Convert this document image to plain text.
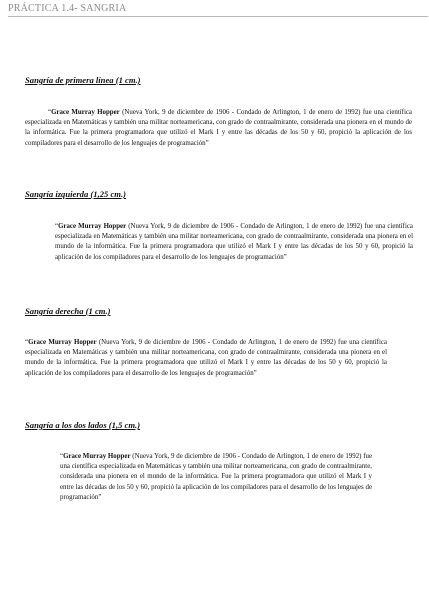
PRÁCTICA 1.4- SANGRIA
Sangría de primera línea (1 cm.)

“Grace Murray Hopper (Nueva York, 9 de diciembre de 1906 - Condado de Arlington, 1 de enero de 1992) fue una científica especializada en Matemáticas y también una militar norteamericana, con grado de contraalmirante, considerada una pionera en el mundo de la informática. Fue la primera programadora que utilizó el Mark I y entre las décadas de los 50 y 60, propició la aplicación de los compiladores para el desarrollo de los lenguajes de programación”

Sangría izquierda (1,25 cm.)

“Grace Murray Hopper (Nueva York, 9 de diciembre de 1906 - Condado de Arlington, 1 de enero de 1992) fue una científica especializada en Matemáticas y también una militar norteamericana, con grado de contraalmirante, considerada una pionera en el mundo de la informática. Fue la primera programadora que utilizó el Mark I y entre las décadas de los 50 y 60, propició la aplicación de los compiladores para el desarrollo de los lenguajes de programación”

Sangría derecha (1 cm.)

“Grace Murray Hopper (Nueva York, 9 de diciembre de 1906 - Condado de Arlington, 1 de enero de 1992) fue una científica especializada en Matemáticas y también una militar norteamericana, con grado de contraalmirante, considerada una pionera en el mundo de la informática. Fue la primera programadora que utilizó el Mark I y entre las décadas de los 50 y 60, propició la aplicación de los compiladores para el desarrollo de los lenguajes de programación”

Sangría a los dos lados (1,5 cm.)

“Grace Murray Hopper (Nueva York, 9 de diciembre de 1906 - Condado de Arlington, 1 de enero de 1992) fue una científica especializada en Matemáticas y también una militar norteamericana, con grado de contraalmirante, considerada una pionera en el mundo de la informática. Fue la primera programadora que utilizó el Mark I y entre las décadas de los 50 y 60, propició la aplicación de los compiladores para el desarrollo de los lenguajes de programación”
